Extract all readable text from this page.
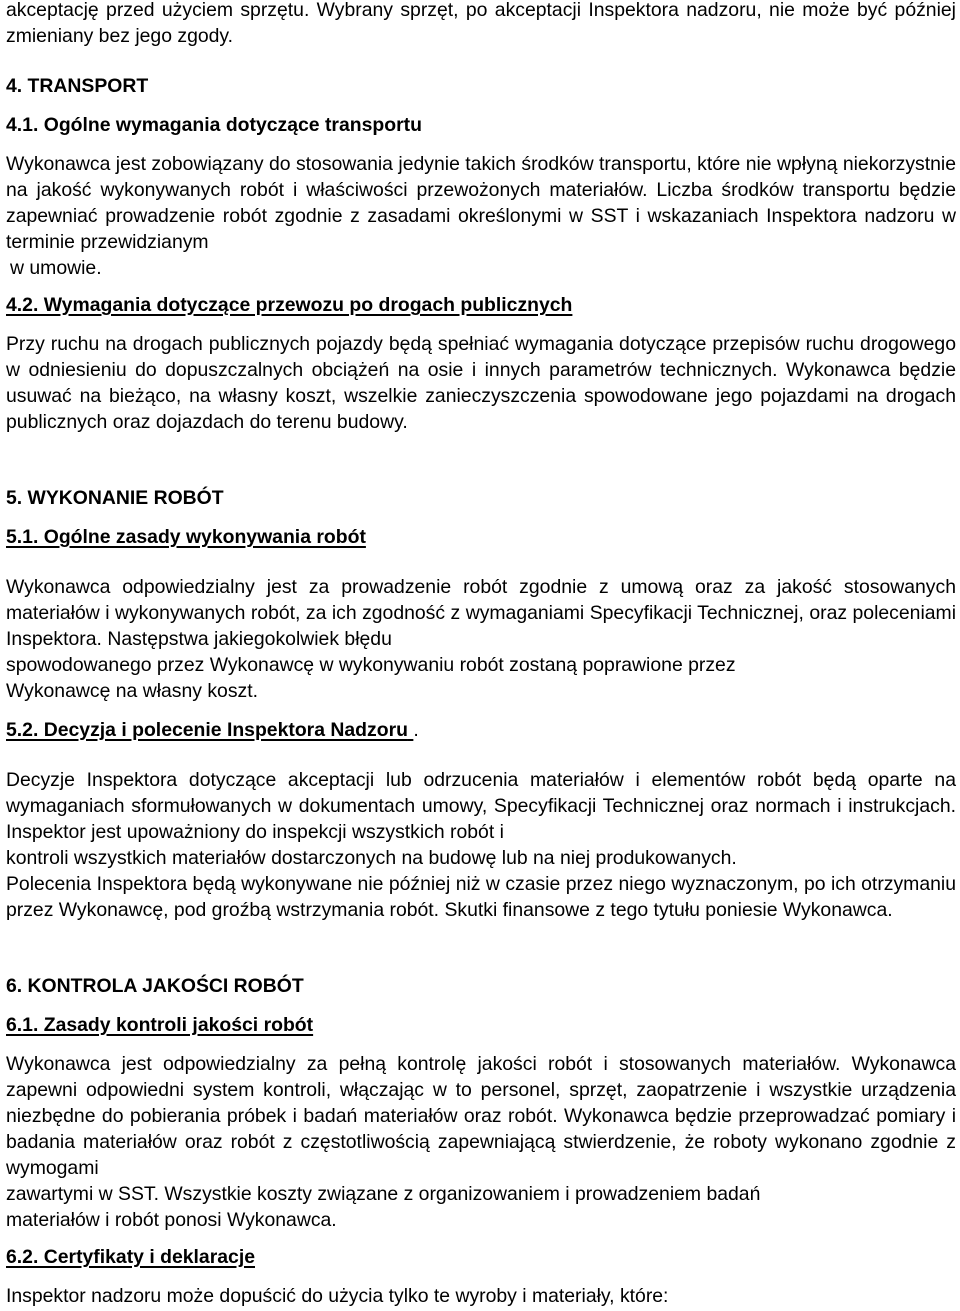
akceptację przed użyciem sprzętu. Wybrany sprzęt, po akceptacji Inspektora nadzoru, nie może być później zmieniany bez jego zgody.

4. TRANSPORT

4.1. Ogólne wymagania dotyczące transportu

Wykonawca jest zobowiązany do stosowania jedynie takich środków transportu, które nie wpłyną niekorzystnie na jakość wykonywanych robót i właściwości przewożonych materiałów. Liczba środków transportu będzie zapewniać prowadzenie robót zgodnie z zasadami określonymi w SST i wskazaniach Inspektora nadzoru w terminie przewidzianym

w umowie.

4.2. Wymagania dotyczące przewozu po drogach publicznych

Przy ruchu na drogach publicznych pojazdy będą spełniać wymagania dotyczące przepisów ruchu drogowego w odniesieniu do dopuszczalnych obciążeń na osie i innych parametrów technicznych. Wykonawca będzie usuwać na bieżąco, na własny koszt, wszelkie zanieczyszczenia spowodowane jego pojazdami na drogach publicznych oraz dojazdach do terenu budowy.

5. WYKONANIE ROBÓT

5.1. Ogólne zasady wykonywania robót

Wykonawca odpowiedzialny jest za prowadzenie robót zgodnie z umową oraz za jakość stosowanych materiałów i wykonywanych robót, za ich zgodność z wymaganiami Specyfikacji Technicznej, oraz poleceniami Inspektora. Następstwa jakiegokolwiek błędu

spowodowanego przez Wykonawcę w wykonywaniu robót zostaną poprawione przez

Wykonawcę na własny koszt.

5.2. Decyzja i polecenie Inspektora Nadzoru .

Decyzje Inspektora dotyczące akceptacji lub odrzucenia materiałów i elementów robót będą oparte na wymaganiach sformułowanych w dokumentach umowy, Specyfikacji Technicznej oraz normach i instrukcjach. Inspektor jest upoważniony do inspekcji wszystkich robót i

kontroli wszystkich materiałów dostarczonych na budowę lub na niej produkowanych.

Polecenia Inspektora będą wykonywane nie później niż w czasie przez niego wyznaczonym, po ich otrzymaniu przez Wykonawcę, pod groźbą wstrzymania robót. Skutki finansowe z tego tytułu poniesie Wykonawca.

6. KONTROLA JAKOŚCI ROBÓT

6.1. Zasady kontroli jakości robót

Wykonawca jest odpowiedzialny za pełną kontrolę jakości robót i stosowanych materiałów. Wykonawca zapewni odpowiedni system kontroli, włączając w to personel, sprzęt, zaopatrzenie i wszystkie urządzenia niezbędne do pobierania próbek i badań materiałów oraz robót. Wykonawca będzie przeprowadzać pomiary i badania materiałów oraz robót z częstotliwością zapewniającą stwierdzenie, że roboty wykonano zgodnie z wymogami

zawartymi w SST. Wszystkie koszty związane z organizowaniem i prowadzeniem badań

materiałów i robót ponosi Wykonawca.

6.2. Certyfikaty i deklaracje

Inspektor nadzoru może dopuścić do użycia tylko te wyroby i materiały, które:
